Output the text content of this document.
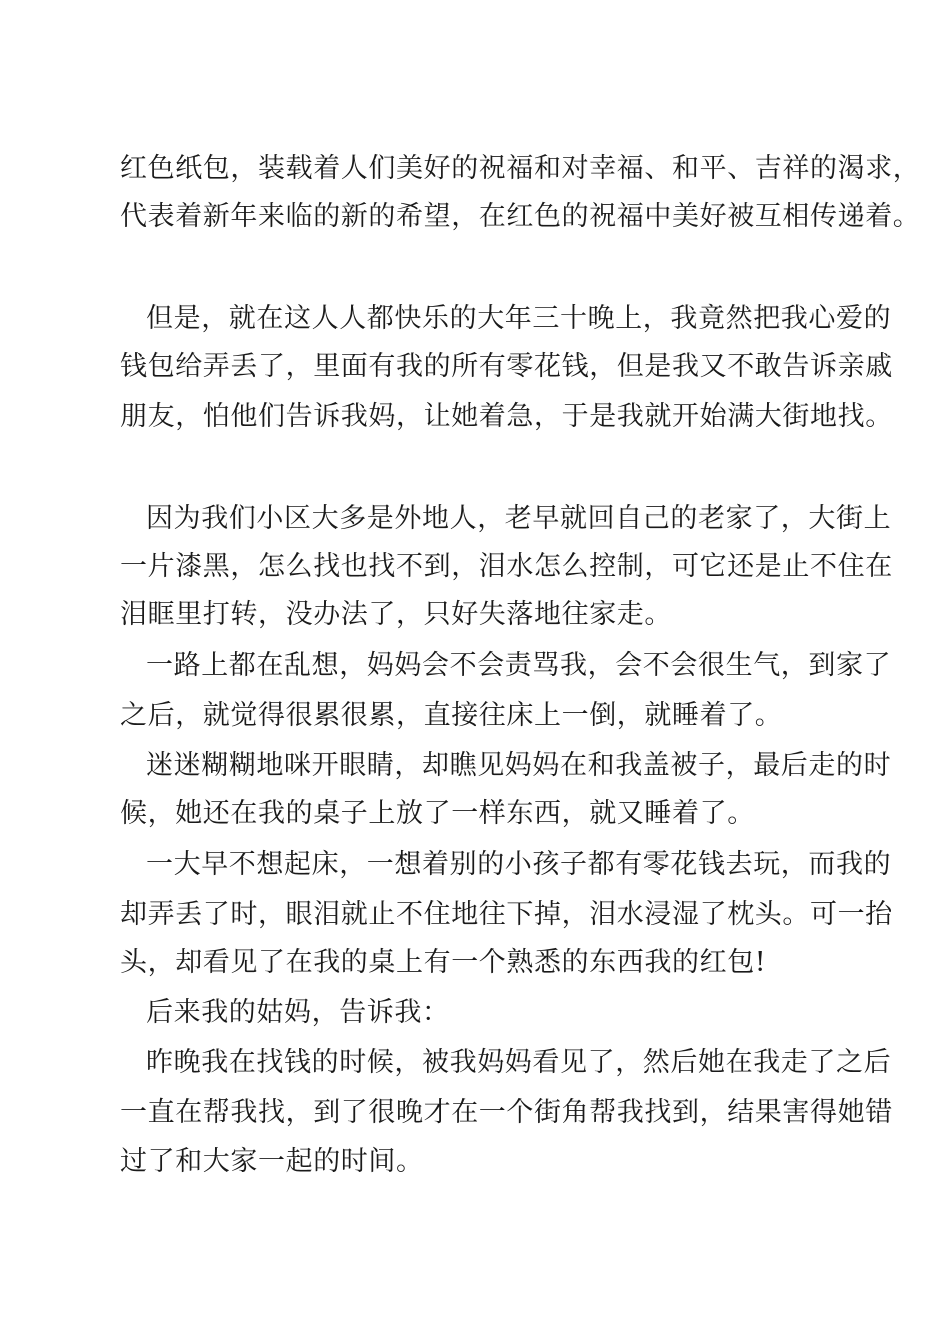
红色纸包，装载着人们美好的祝福和对幸福、和平、吉祥的渴求，
代表着新年来临的新的希望，在红色的祝福中美好被互相传递着。
但是，就在这人人都快乐的大年三十晚上，我竟然把我心爱的
钱包给弄丢了，里面有我的所有零花钱，但是我又不敢告诉亲戚
朋友，怕他们告诉我妈，让她着急，于是我就开始满大街地找。
因为我们小区大多是外地人，老早就回自己的老家了，大街上
一片漆黑，怎么找也找不到，泪水怎么控制，可它还是止不住在
泪眶里打转，没办法了，只好失落地往家走。
一路上都在乱想，妈妈会不会责骂我，会不会很生气，到家了
之后，就觉得很累很累，直接往床上一倒，就睡着了。
迷迷糊糊地咪开眼睛，却瞧见妈妈在和我盖被子，最后走的时
候，她还在我的桌子上放了一样东西，就又睡着了。
一大早不想起床，一想着别的小孩子都有零花钱去玩，而我的
却弄丢了时，眼泪就止不住地往下掉，泪水浸湿了枕头。可一抬
头，却看见了在我的桌上有一个熟悉的东西我的红包!
后来我的姑妈，告诉我：
昨晚我在找钱的时候，被我妈妈看见了，然后她在我走了之后
一直在帮我找，到了很晚才在一个街角帮我找到，结果害得她错
过了和大家一起的时间。
